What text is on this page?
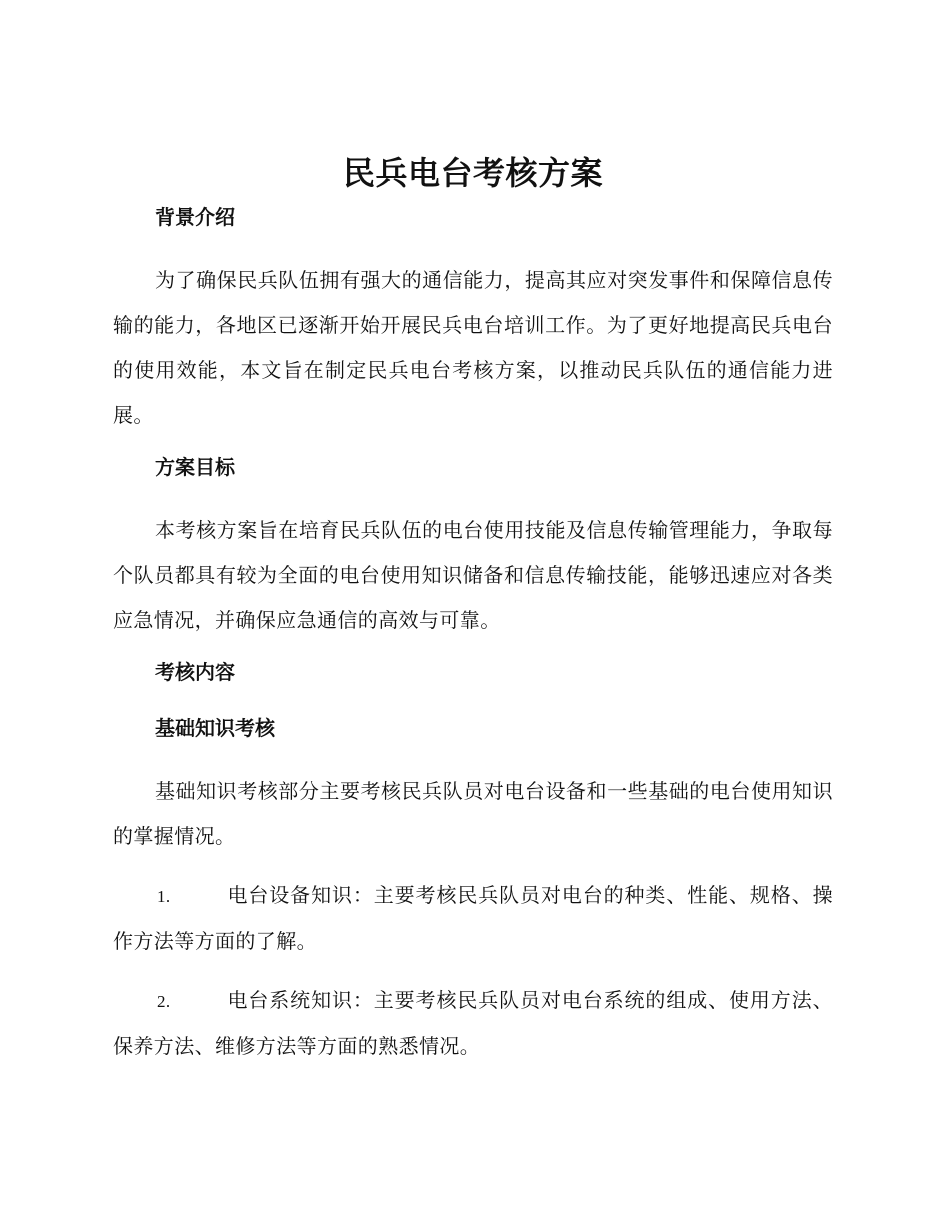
民兵电台考核方案
背景介绍

为了确保民兵队伍拥有强大的通信能力，提高其应对突发事件和保障信息传输的能力，各地区已逐渐开始开展民兵电台培训工作。为了更好地提高民兵电台的使用效能，本文旨在制定民兵电台考核方案，以推动民兵队伍的通信能力进展。

方案目标

本考核方案旨在培育民兵队伍的电台使用技能及信息传输管理能力，争取每个队员都具有较为全面的电台使用知识储备和信息传输技能，能够迅速应对各类应急情况，并确保应急通信的高效与可靠。

考核内容
基础知识考核

基础知识考核部分主要考核民兵队员对电台设备和一些基础的电台使用知识的掌握情况。

1.	电台设备知识：主要考核民兵队员对电台的种类、性能、规格、操作方法等方面的了解。

2.	电台系统知识：主要考核民兵队员对电台系统的组成、使用方法、保养方法、维修方法等方面的熟悉情况。
